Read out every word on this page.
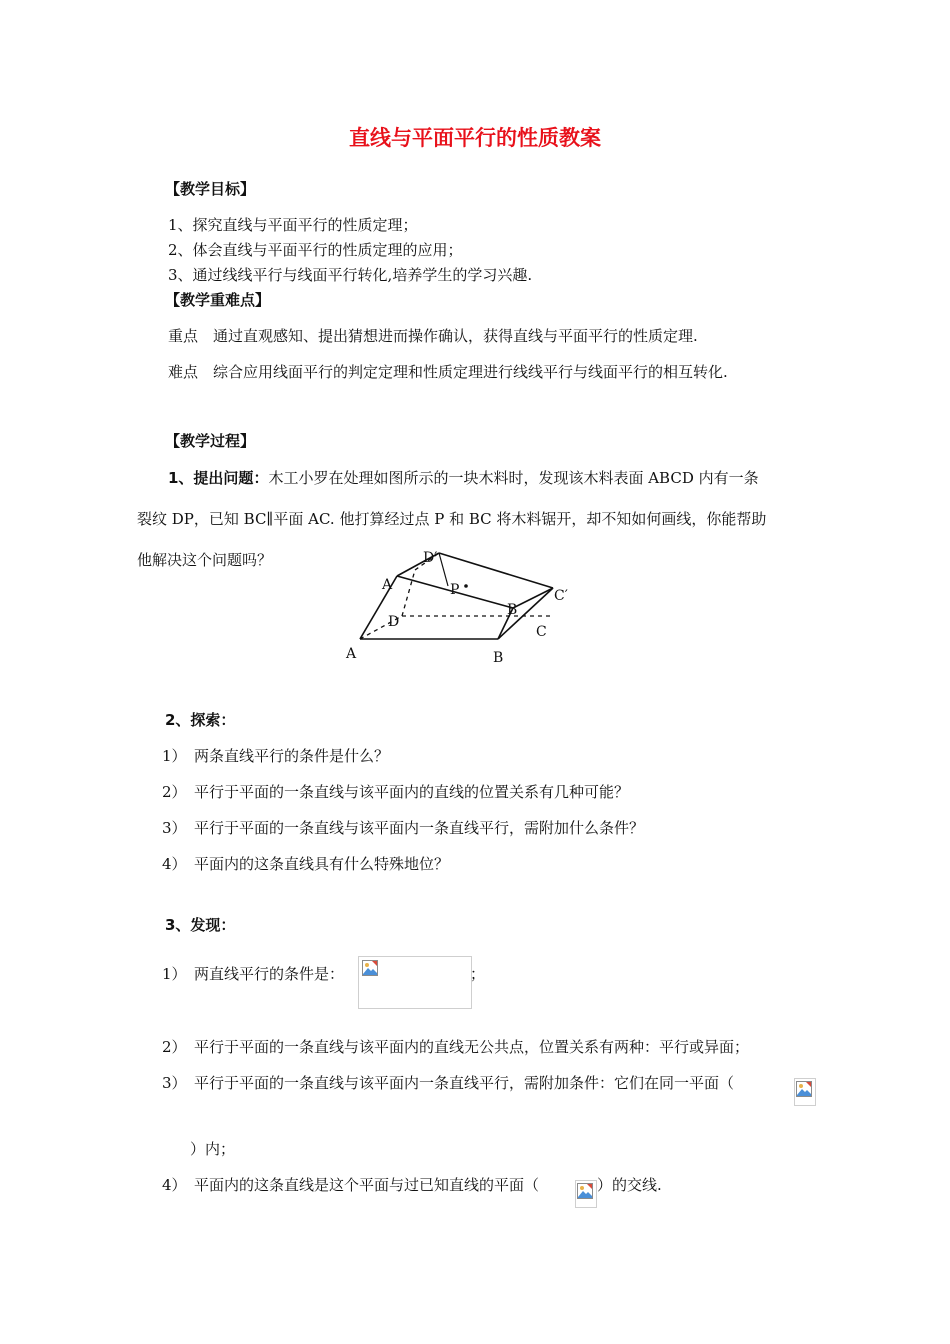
直线与平面平行的性质教案
【教学目标】
1、探究直线与平面平行的性质定理；
2、体会直线与平面平行的性质定理的应用；
3、通过线线平行与线面平行转化,培养学生的学习兴趣.
【教学重难点】
重点　通过直观感知、提出猜想进而操作确认，获得直线与平面平行的性质定理.
难点　综合应用线面平行的判定定理和性质定理进行线线平行与线面平行的相互转化.
【教学过程】
1、提出问题：木工小罗在处理如图所示的一块木料时，发现该木料表面 ABCD 内有一条
裂纹 DP，已知 BC∥平面 AC. 他打算经过点 P 和 BC 将木料锯开，却不知如何画线，你能帮助
他解决这个问题吗？	D′
A	P
B
C′
D
C
A	B
2、探索：
1）　两条直线平行的条件是什么？
2）　平行于平面的一条直线与该平面内的直线的位置关系有几种可能？
3）　平行于平面的一条直线与该平面内一条直线平行，需附加什么条件？
4）　平面内的这条直线具有什么特殊地位？
3、发现：
1）　两直线平行的条件是：	；
2）　平行于平面的一条直线与该平面内的直线无公共点，位置关系有两种：平行或异面；
3）　平行于平面的一条直线与该平面内一条直线平行，需附加条件：它们在同一平面（
）内；
4）　平面内的这条直线是这个平面与过已知直线的平面（	）的交线.
